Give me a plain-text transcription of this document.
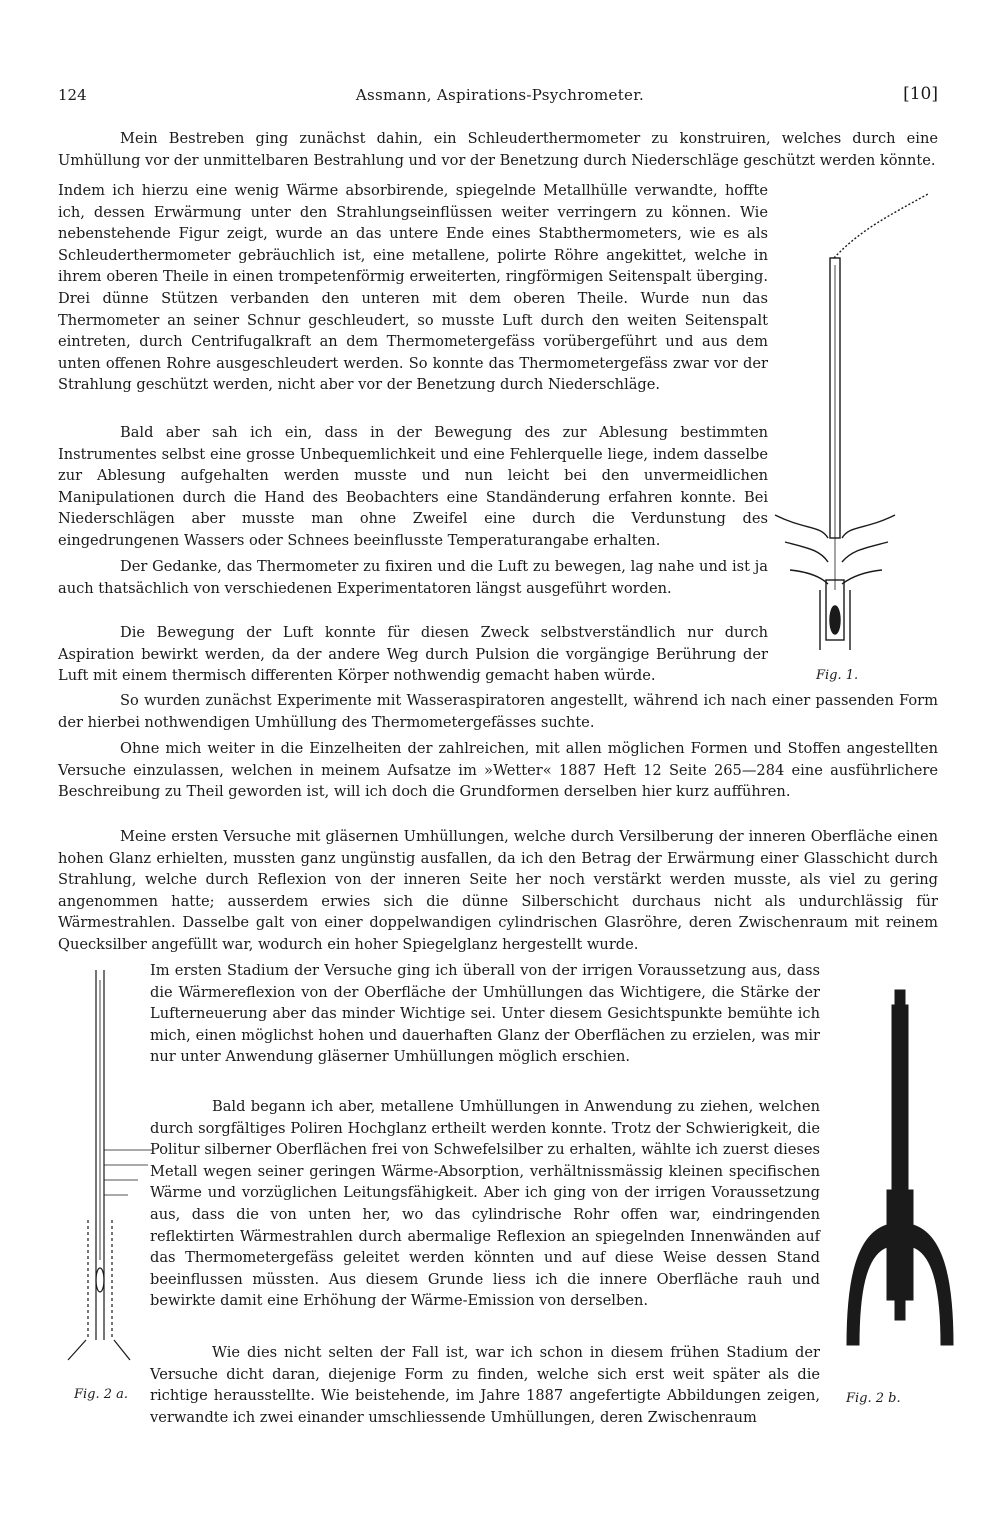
124	Assmann, Aspirations-Psychrometer.	[10]

Mein Bestreben ging zunächst dahin, ein Schleuderthermometer zu konstruiren, welches durch eine Umhüllung vor der unmittelbaren Bestrahlung und vor der Benetzung durch Niederschläge geschützt werden könnte.

Indem ich hierzu eine wenig Wärme absorbirende, spiegelnde Metallhülle verwandte, hoffte ich, dessen Erwärmung unter den Strahlungseinflüssen weiter verringern zu können. Wie nebenstehende Figur zeigt, wurde an das untere Ende eines Stabthermometers, wie es als Schleuderthermometer gebräuchlich ist, eine metallene, polirte Röhre angekittet, welche in ihrem oberen Theile in einen trompetenförmig erweiterten, ringförmigen Seitenspalt überging. Drei dünne Stützen verbanden den unteren mit dem oberen Theile. Wurde nun das Thermometer an seiner Schnur geschleudert, so musste Luft durch den weiten Seitenspalt eintreten, durch Centrifugalkraft an dem Thermometergefäss vorübergeführt und aus dem unten offenen Rohre ausgeschleudert werden. So konnte das Thermometergefäss zwar vor der Strahlung geschützt werden, nicht aber vor der Benetzung durch Niederschläge.

Bald aber sah ich ein, dass in der Bewegung des zur Ablesung bestimmten Instrumentes selbst eine grosse Unbequemlichkeit und eine Fehlerquelle liege, indem dasselbe zur Ablesung aufgehalten werden musste und nun leicht bei den unvermeidlichen Manipulationen durch die Hand des Beobachters eine Standänderung erfahren konnte. Bei Niederschlägen aber musste man ohne Zweifel eine durch die Verdunstung des eingedrungenen Wassers oder Schnees beeinflusste Temperaturangabe erhalten.

Der Gedanke, das Thermometer zu fixiren und die Luft zu bewegen, lag nahe und ist ja auch thatsächlich von verschiedenen Experimentatoren längst ausgeführt worden.

Die Bewegung der Luft konnte für diesen Zweck selbstverständlich nur durch Aspiration bewirkt werden, da der andere Weg durch Pulsion die vorgängige Berührung der Luft mit einem thermisch differenten Körper nothwendig gemacht haben würde.

So wurden zunächst Experimente mit Wasseraspiratoren angestellt, während ich nach einer passenden Form der hierbei nothwendigen Umhüllung des Thermometergefässes suchte.

Ohne mich weiter in die Einzelheiten der zahlreichen, mit allen möglichen Formen und Stoffen angestellten Versuche einzulassen, welchen in meinem Aufsatze im »Wetter« 1887 Heft 12 Seite 265—284 eine ausführlichere Beschreibung zu Theil geworden ist, will ich doch die Grundformen derselben hier kurz aufführen.

Meine ersten Versuche mit gläsernen Umhüllungen, welche durch Versilberung der inneren Oberfläche einen hohen Glanz erhielten, mussten ganz ungünstig ausfallen, da ich den Betrag der Erwärmung einer Glasschicht durch Strahlung, welche durch Reflexion von der inneren Seite her noch verstärkt werden musste, als viel zu gering angenommen hatte; ausserdem erwies sich die dünne Silberschicht durchaus nicht als undurchlässig für Wärmestrahlen. Dasselbe galt von einer doppelwandigen cylindrischen Glasröhre, deren Zwischenraum mit reinem Quecksilber angefüllt war, wodurch ein hoher Spiegelglanz hergestellt wurde.

Im ersten Stadium der Versuche ging ich überall von der irrigen Voraussetzung aus, dass die Wärmereflexion von der Oberfläche der Umhüllungen das Wichtigere, die Stärke der Lufterneuerung aber das minder Wichtige sei. Unter diesem Gesichtspunkte bemühte ich mich, einen möglichst hohen und dauerhaften Glanz der Oberflächen zu erzielen, was mir nur unter Anwendung gläserner Umhüllungen möglich erschien.

Bald begann ich aber, metallene Umhüllungen in Anwendung zu ziehen, welchen durch sorgfältiges Poliren Hochglanz ertheilt werden konnte. Trotz der Schwierigkeit, die Politur silberner Oberflächen frei von Schwefelsilber zu erhalten, wählte ich zuerst dieses Metall wegen seiner geringen Wärme-Absorption, verhältnissmässig kleinen specifischen Wärme und vorzüglichen Leitungsfähigkeit. Aber ich ging von der irrigen Voraussetzung aus, dass die von unten her, wo das cylindrische Rohr offen war, eindringenden reflektirten Wärmestrahlen durch abermalige Reflexion an spiegelnden Innenwänden auf das Thermometergefäss geleitet werden könnten und auf diese Weise dessen Stand beeinflussen müssten. Aus diesem Grunde liess ich die innere Oberfläche rauh und bewirkte damit eine Erhöhung der Wärme-Emission von derselben.

Wie dies nicht selten der Fall ist, war ich schon in diesem frühen Stadium der Versuche dicht daran, diejenige Form zu finden, welche sich erst weit später als die richtige herausstellte. Wie beistehende, im Jahre 1887 angefertigte Abbildungen zeigen, verwandte ich zwei einander umschliessende Umhüllungen, deren Zwischenraum

Fig. 1.
Fig. 2 a.	Fig. 2 b.
